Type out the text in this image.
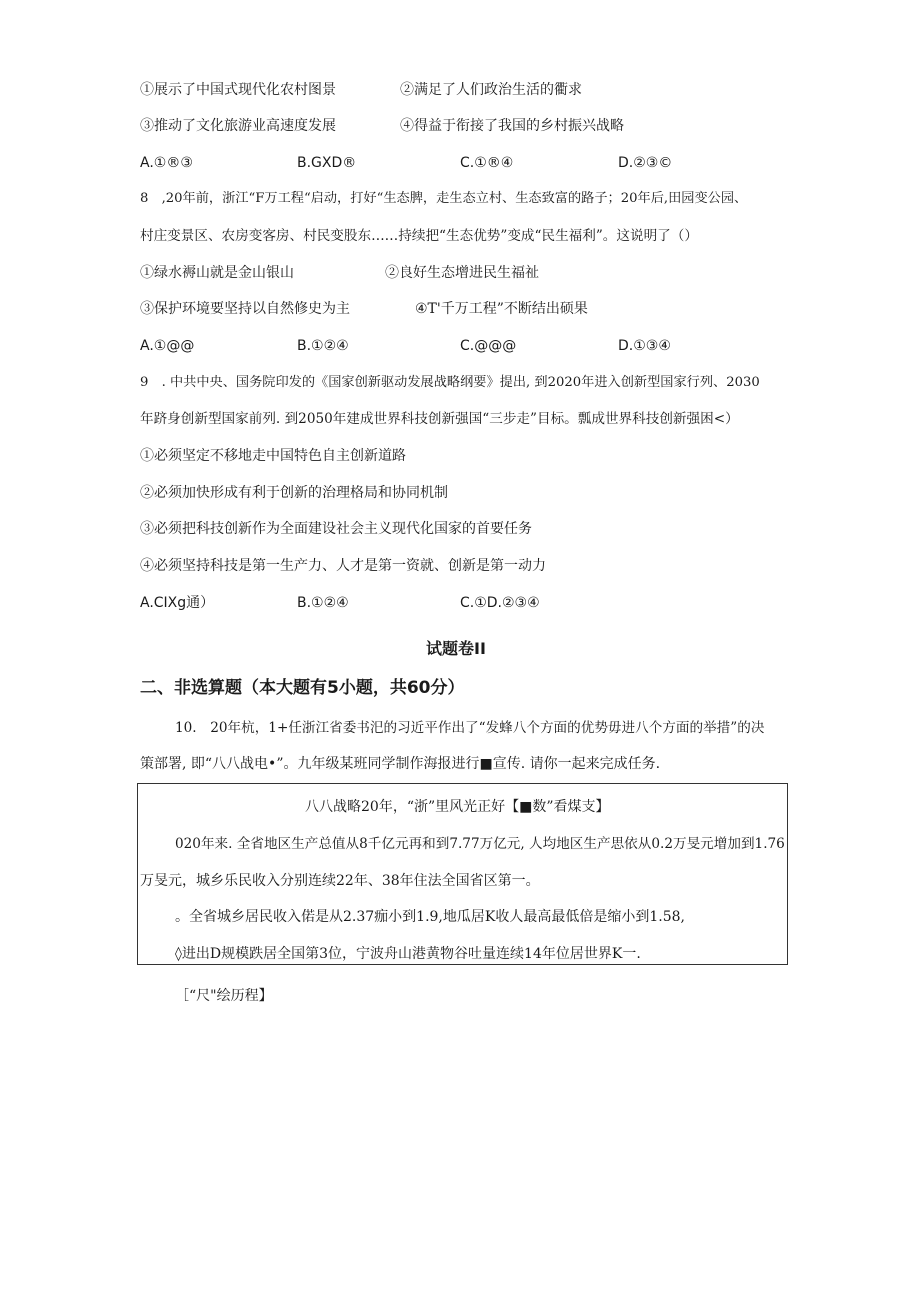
①展示了中国式现代化农村图景	②满足了人们政治生活的衢求
③推动了文化旅游业高速度发展	④得益于衔接了我国的乡村振兴战略
A.①®③	B.GXD®	C.①®④	D.②③©
8　,20年前，浙江“F万工程“启动，打好“生态脾，走生态立村、生态致富的路子；20年后,田园变公园、
村庄变景区、农房变客房、村民变股东……持续把“生态优势”变成“民生福利”。这说明了（）
①绿水褥山就是金山银山	②良好生态增进民生福祉
③保护环境要坚持以自然修史为主	④T'千万工程”不断结出硕果
A.①@@	B.①②④	C.@@@	D.①③④
9　. 中共中央、国务院印发的《国家创新驱动发展战略纲要》提出, 到2020年进入创新型国家行列、2030
年跻身创新型国家前列. 到2050年建成世界科技创新强国“三步走”目标。瓢成世界科技创新强困<）
①必须坚定不移地走中国特色自主创新道路
②必须加快形成有利于创新的治理格局和协同机制
③必须把科技创新作为全面建设社会主义现代化国家的首要任务
④必须坚持科技是第一生产力、人才是第一资就、创新是第一动力
A.CIXg通）	B.①②④	C.①D.②③④
试题卷II
二、非选算题（本大题有5小题，共60分）
10.　20年杭，1+任浙江省委书汜的习近平作出了“发蜂八个方面的优势毋进八个方面的举措”的决
策部署, 即“八八战电•”。九年级某班同学制作海报进行■宣传. 请你一起来完成任务.
八八战略20年，“浙”里风光正好【■数”看煤支】
020年来. 全省地区生产总值从8千亿元再和到7.77万亿元, 人均地区生产思依从0.2万旻元增加到1.76
万旻元，城乡乐民收入分别连续22年、38年住法全国省区第一。
。全省城乡居民收入偌是从2.37痂小到1.9,地瓜居K收人最高最低倍是缩小到1.58,
◊进出D规模跌居全国第3位，宁波舟山港黄物谷吐量连续14年位居世界K一.
［“尺"绘历程】
